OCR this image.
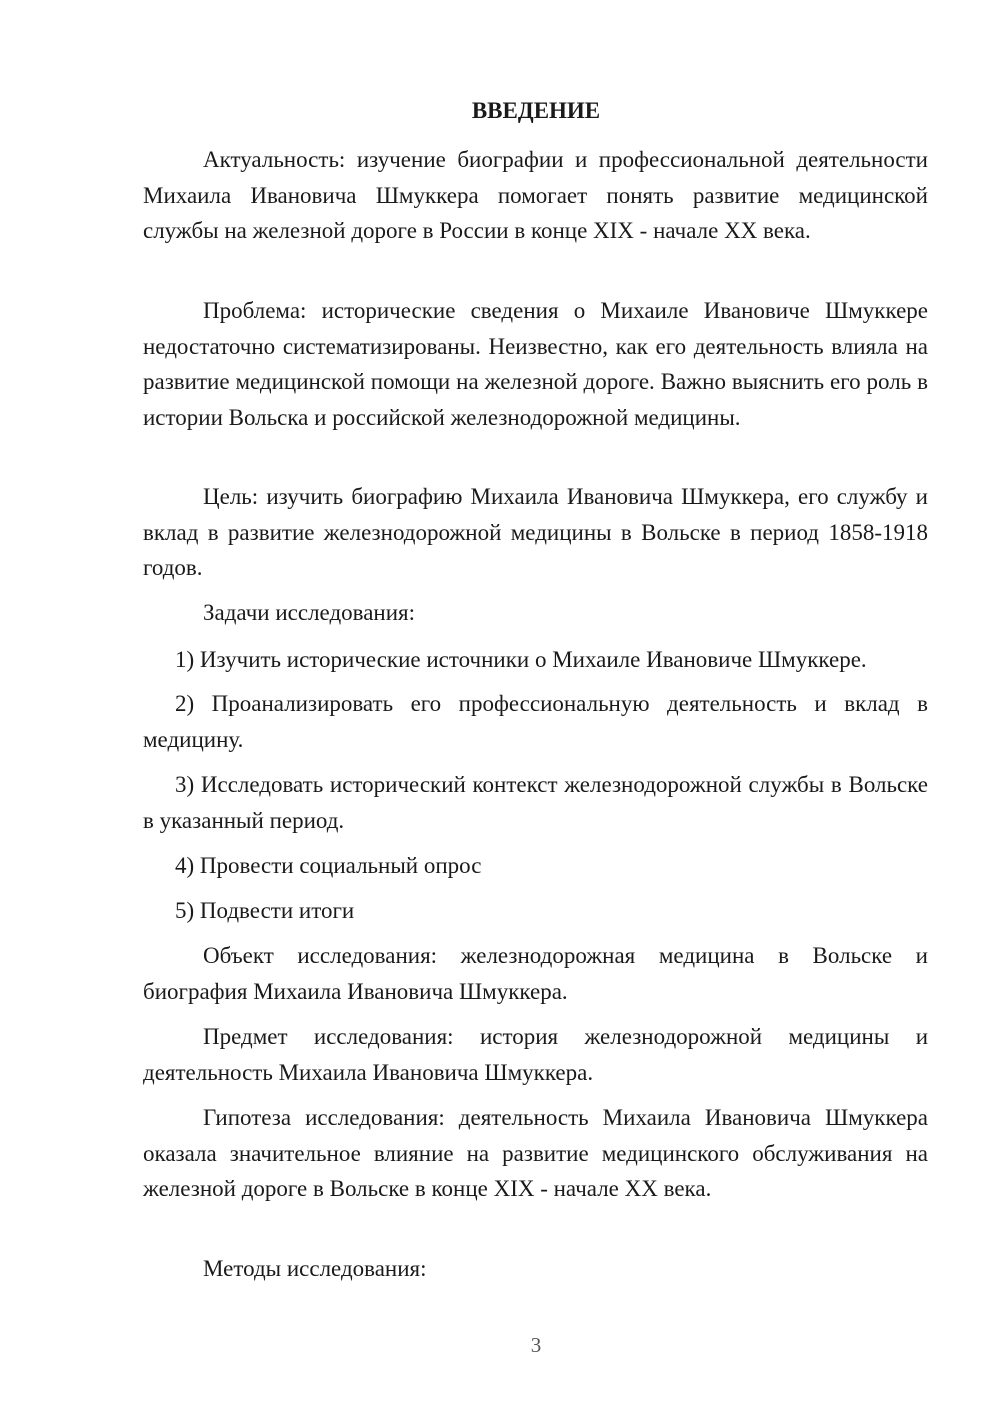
ВВЕДЕНИЕ

Актуальность: изучение биографии и профессиональной деятельности Михаила Ивановича Шмуккера помогает понять развитие медицинской службы на железной дороге в России в конце XIX - начале XX века.

Проблема: исторические сведения о Михаиле Ивановиче Шмуккере недостаточно систематизированы. Неизвестно, как его деятельность влияла на развитие медицинской помощи на железной дороге. Важно выяснить его роль в истории Вольска и российской железнодорожной медицины.

Цель: изучить биографию Михаила Ивановича Шмуккера, его службу и вклад в развитие железнодорожной медицины в Вольске в период 1858-1918 годов.

Задачи исследования:

1) Изучить исторические источники о Михаиле Ивановиче Шмуккере.

2) Проанализировать его профессиональную деятельность и вклад в медицину.

3) Исследовать исторический контекст железнодорожной службы в Вольске в указанный период.

4) Провести социальный опрос

5) Подвести итоги

Объект исследования: железнодорожная медицина в Вольске и биография Михаила Ивановича Шмуккера.

Предмет исследования: история железнодорожной медицины и деятельность Михаила Ивановича Шмуккера.

Гипотеза исследования: деятельность Михаила Ивановича Шмуккера оказала значительное влияние на развитие медицинского обслуживания на железной дороге в Вольске в конце XIX - начале XX века.

Методы исследования:

3
